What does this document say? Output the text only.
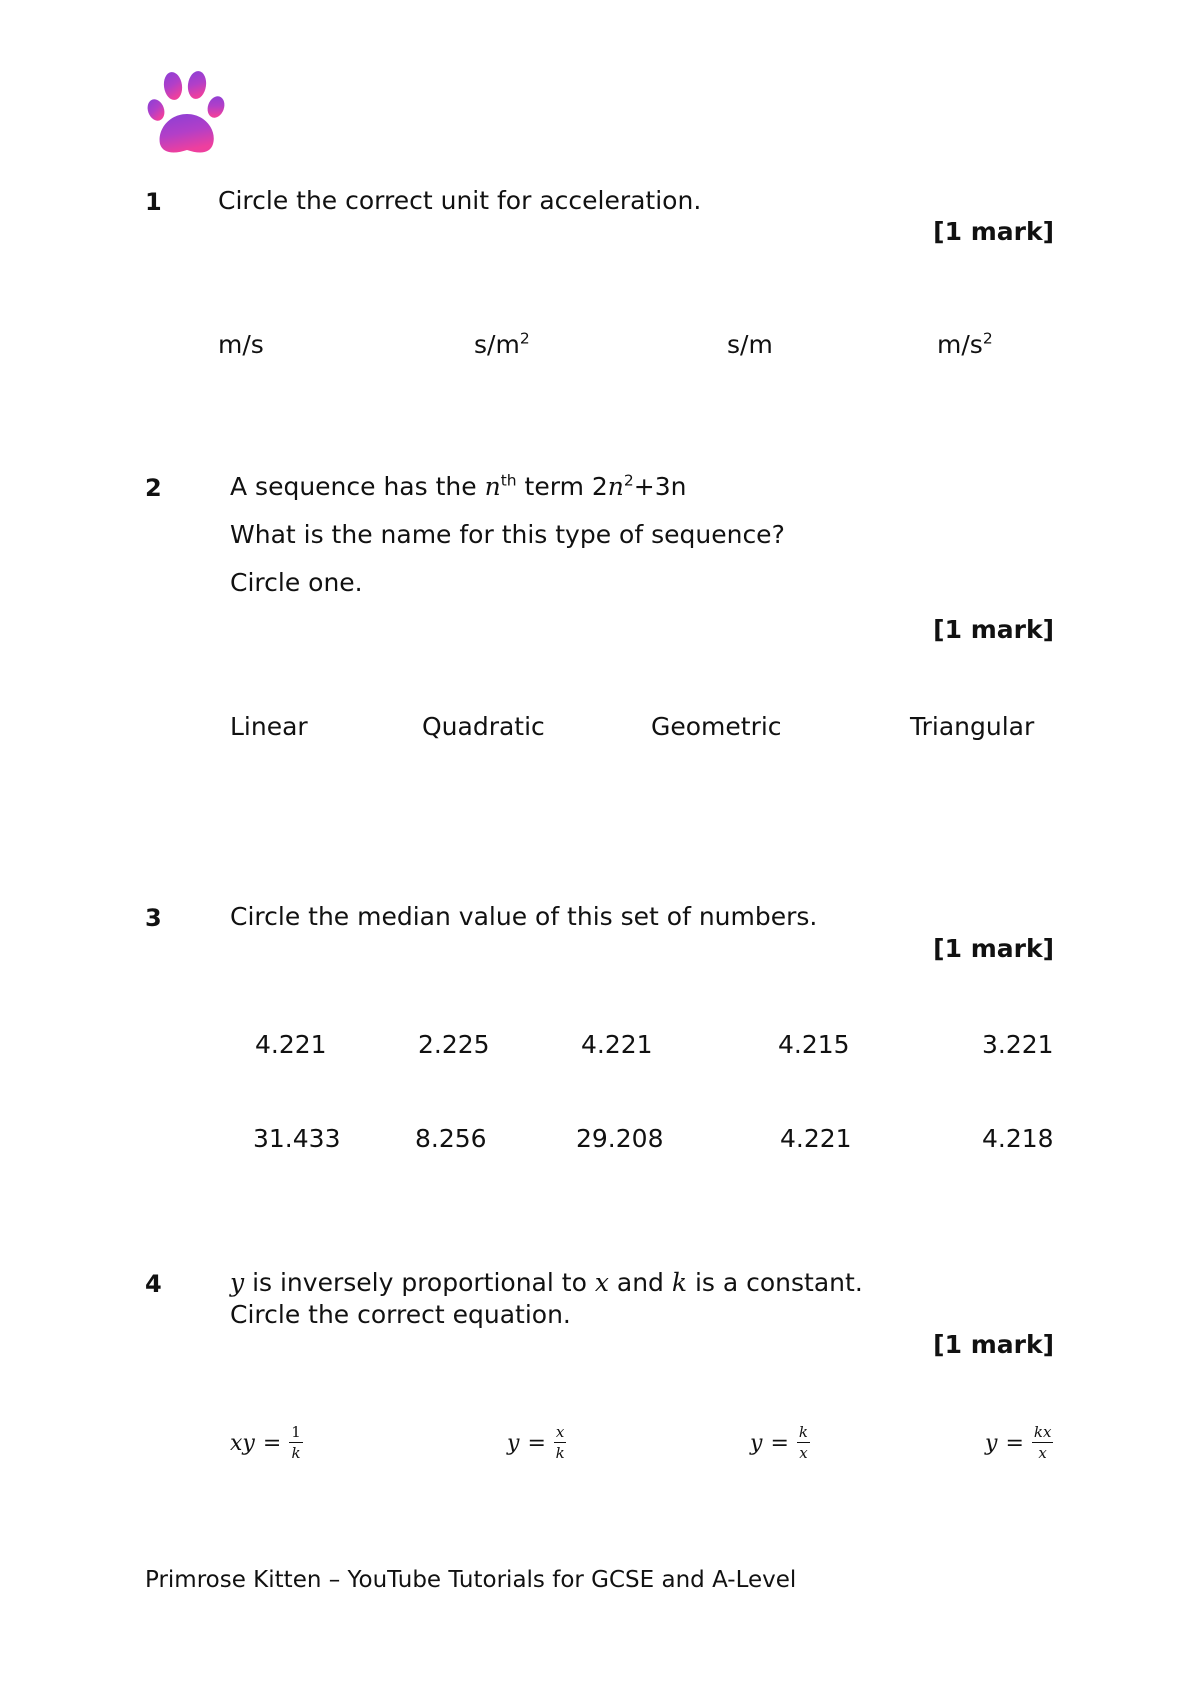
1 Circle the correct unit for acceleration.
[1 mark]
m/s	$s/m^2$	s/m	$m/s^2$
2	A sequence has the $n^{th}$ term $2n^2+3n$
What is the name for this type of sequence?
Circle one.
[1 mark]
Linear	Quadratic	Geometric	Triangular
3	Circle the median value of this set of numbers.
[1 mark]
4.221	2.225	4.221	4.215	3.221
31.433	8.256	29.208	4.221	4.218
4	y is inversely proportional to x and k is a constant.
Circle the correct equation.
[1 mark]
xy = $\frac{1}{k}$	$y = \frac{x}{k}$	$y = \frac{k}{x}$	$y = \frac{kx}{x}$
Primrose Kitten – YouTube Tutorials for GCSE and A-Level
